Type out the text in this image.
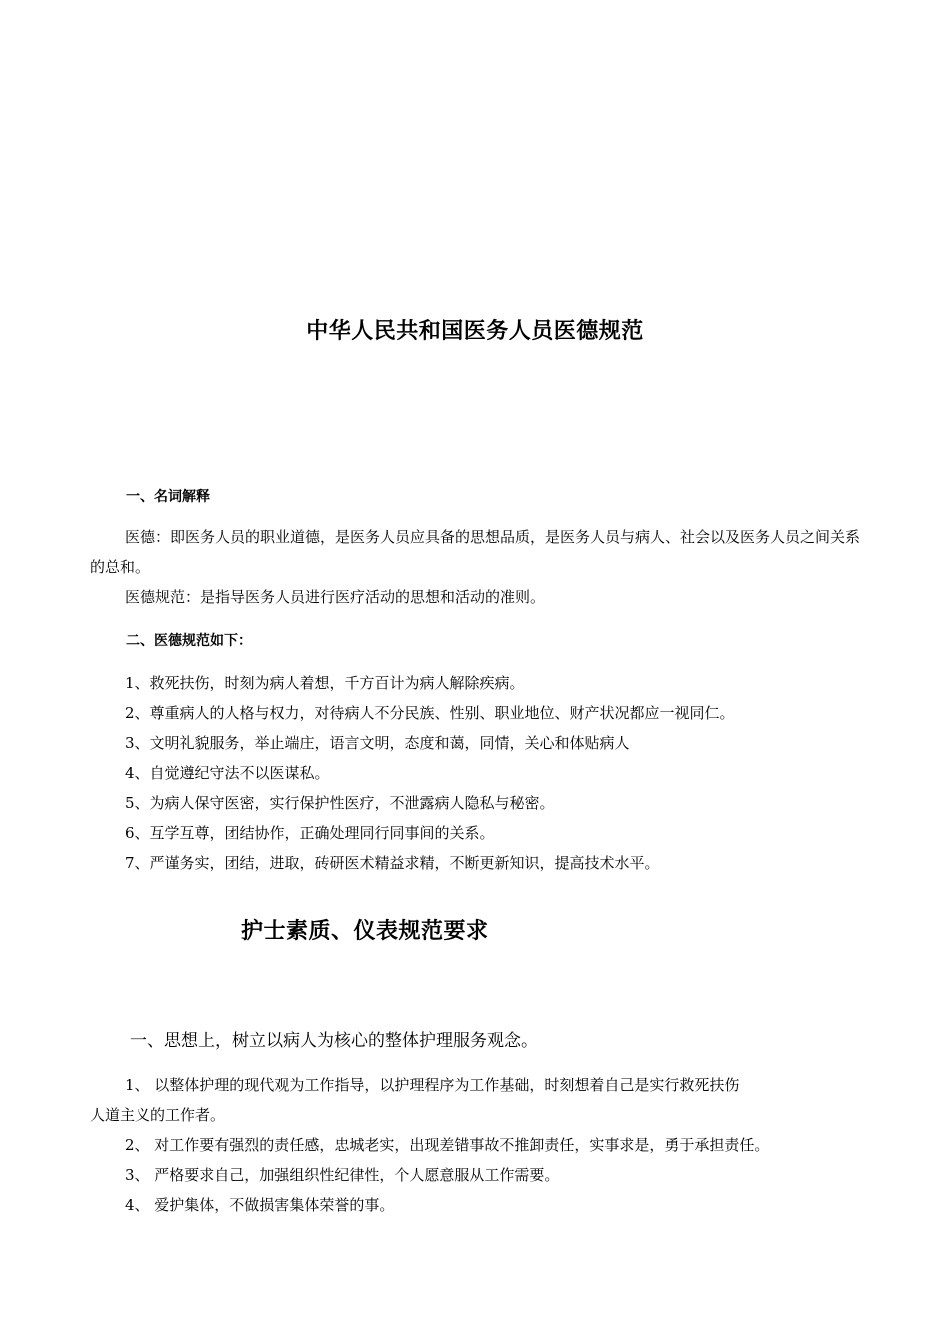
中华人民共和国医务人员医德规范
一、名词解释

医德：即医务人员的职业道德，是医务人员应具备的思想品质，是医务人员与病人、社会以及医务人员之间关系的总和。

医德规范：是指导医务人员进行医疗活动的思想和活动的准则。

二、医德规范如下：
1、救死扶伤，时刻为病人着想，千方百计为病人解除疾病。
2、尊重病人的人格与权力，对待病人不分民族、性别、职业地位、财产状况都应一视同仁。
3、文明礼貌服务，举止端庄，语言文明，态度和蔼，同情，关心和体贴病人
4、自觉遵纪守法不以医谋私。
5、为病人保守医密，实行保护性医疗，不泄露病人隐私与秘密。
6、互学互尊，团结协作，正确处理同行同事间的关系。
7、严谨务实，团结，进取，砖研医术精益求精，不断更新知识，提高技术水平。
护士素质、仪表规范要求
一、思想上，树立以病人为核心的整体护理服务观念。
1、 以整体护理的现代观为工作指导，以护理程序为工作基础，时刻想着自己是实行救死扶伤
人道主义的工作者。
2、 对工作要有强烈的责任感，忠城老实，出现差错事故不推卸责任，实事求是，勇于承担责任。
3、 严格要求自己，加强组织性纪律性，个人愿意服从工作需要。
4、 爱护集体，不做损害集体荣誉的事。
